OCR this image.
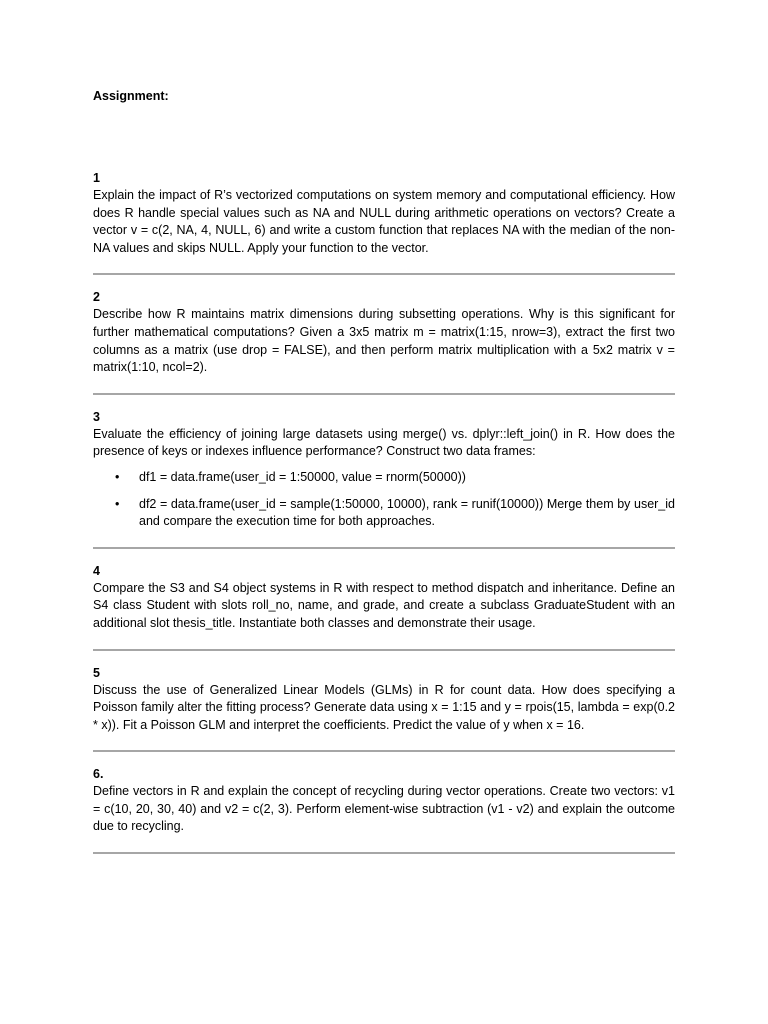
Assignment:

1

Explain the impact of R’s vectorized computations on system memory and computational efficiency. How does R handle special values such as NA and NULL during arithmetic operations on vectors? Create a vector v = c(2, NA, 4, NULL, 6) and write a custom function that replaces NA with the median of the non-NA values and skips NULL. Apply your function to the vector.

2

Describe how R maintains matrix dimensions during subsetting operations. Why is this significant for further mathematical computations? Given a 3x5 matrix m = matrix(1:15, nrow=3), extract the first two columns as a matrix (use drop = FALSE), and then perform matrix multiplication with a 5x2 matrix v = matrix(1:10, ncol=2).

3

Evaluate the efficiency of joining large datasets using merge() vs. dplyr::left_join() in R. How does the presence of keys or indexes influence performance? Construct two data frames:

•
df1 = data.frame(user_id = 1:50000, value = rnorm(50000))
•
df2 = data.frame(user_id = sample(1:50000, 10000), rank = runif(10000)) Merge them by user_id and compare the execution time for both approaches.

4

Compare the S3 and S4 object systems in R with respect to method dispatch and inheritance. Define an S4 class Student with slots roll_no, name, and grade, and create a subclass GraduateStudent with an additional slot thesis_title. Instantiate both classes and demonstrate their usage.

5

Discuss the use of Generalized Linear Models (GLMs) in R for count data. How does specifying a Poisson family alter the fitting process? Generate data using x = 1:15 and y = rpois(15, lambda = exp(0.2 * x)). Fit a Poisson GLM and interpret the coefficients. Predict the value of y when x = 16.

6.

Define vectors in R and explain the concept of recycling during vector operations. Create two vectors: v1 = c(10, 20, 30, 40) and v2 = c(2, 3). Perform element-wise subtraction (v1 - v2) and explain the outcome due to recycling.
